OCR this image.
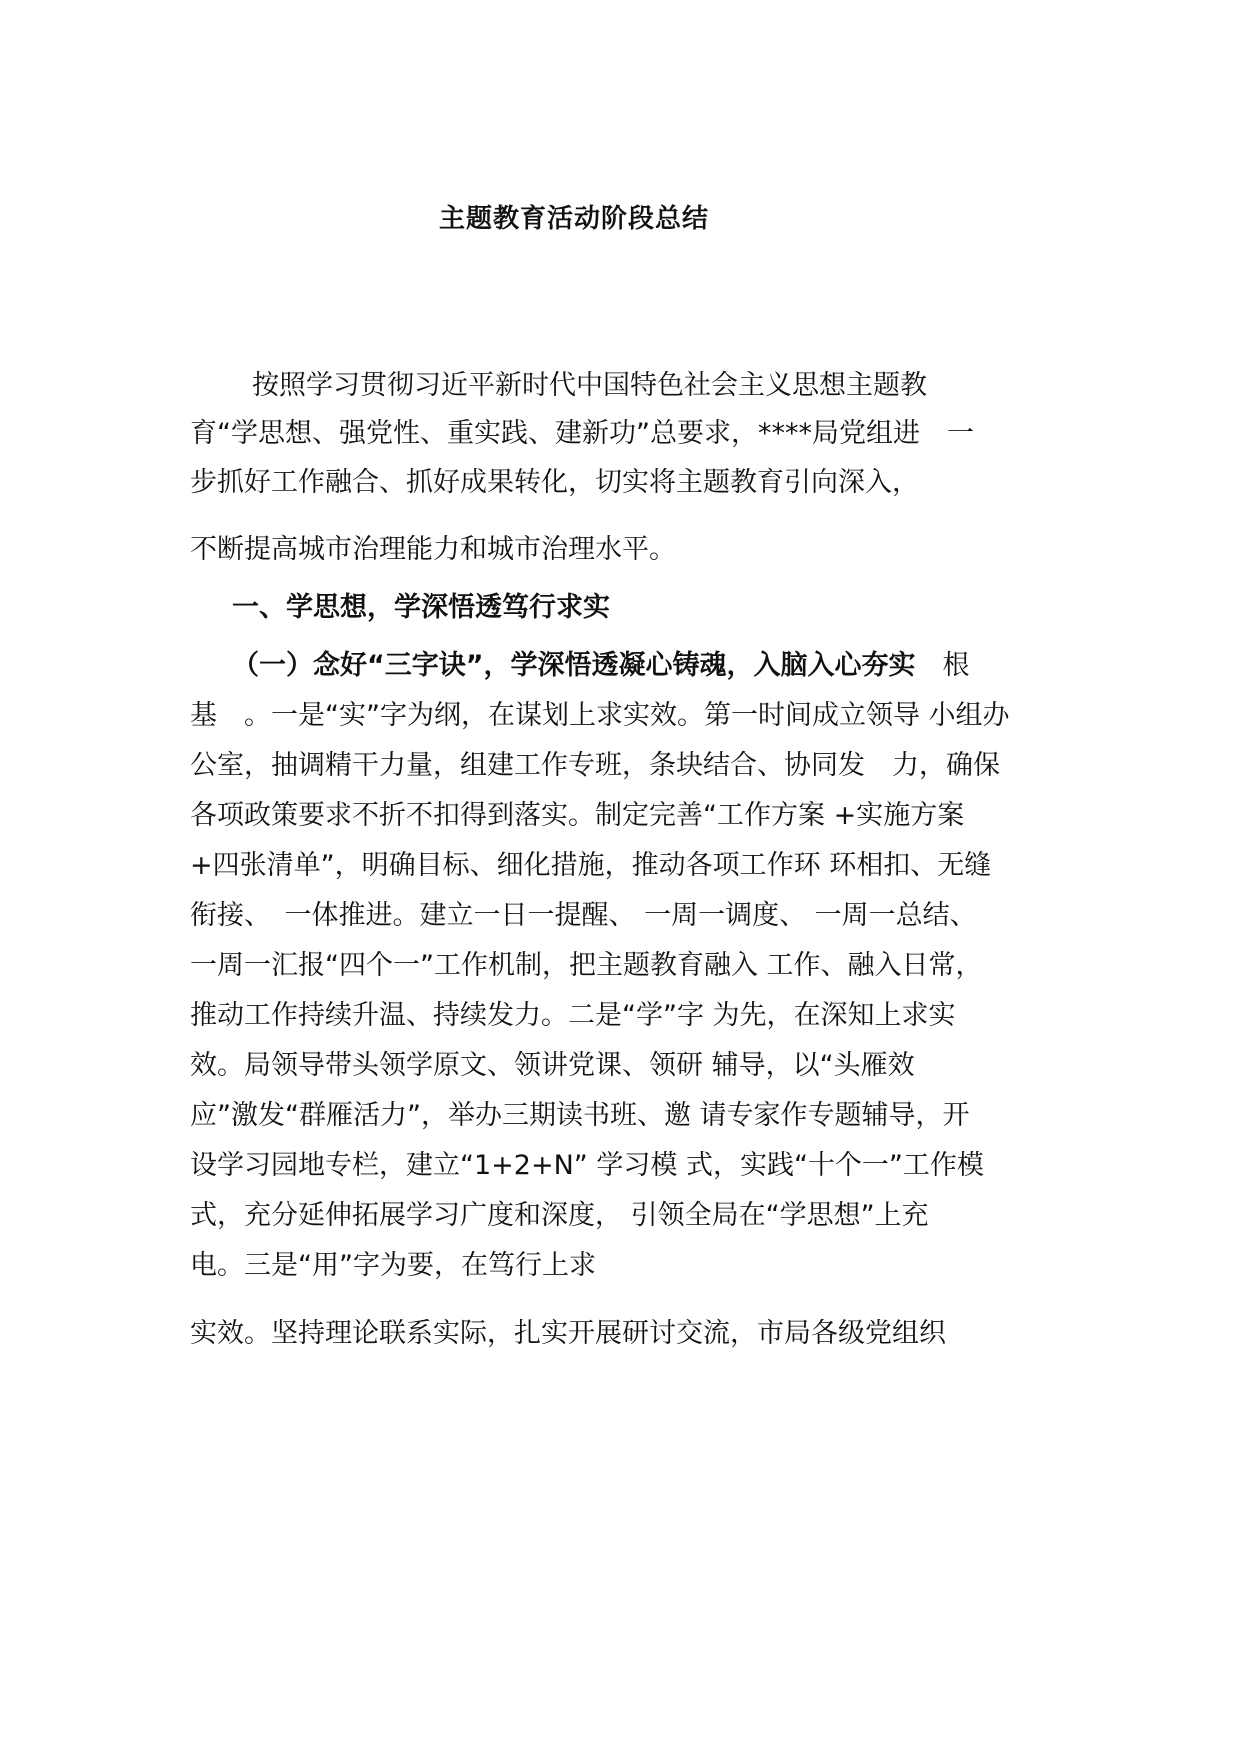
主题教育活动阶段总结

按照学习贯彻习近平新时代中国特色社会主义思想主题教

育“学思想、强党性、重实践、建新功”总要求，****局党组进　一

步抓好工作融合、抓好成果转化，切实将主题教育引向深入，

不断提高城市治理能力和城市治理水平。

一、学思想，学深悟透笃行求实

（一）念好“三字诀”，学深悟透凝心铸魂，入脑入心夯实　根

基　。一是“实”字为纲，在谋划上求实效。第一时间成立领导 小组办

公室，抽调精干力量，组建工作专班，条块结合、协同发　力，确保

各项政策要求不折不扣得到落实。制定完善“工作方案 +实施方案

+四张清单”，明确目标、细化措施，推动各项工作环 环相扣、无缝

衔接、　一体推进。建立一日一提醒、 一周一调度、 一周一总结、

一周一汇报“四个一”工作机制，把主题教育融入 工作、融入日常，

推动工作持续升温、持续发力。二是“学”字 为先，在深知上求实

效。局领导带头领学原文、领讲党课、领研 辅导，以“头雁效

应”激发“群雁活力”，举办三期读书班、邀 请专家作专题辅导，开

设学习园地专栏，建立“1+2+N” 学习模 式，实践“十个一”工作模

式，充分延伸拓展学习广度和深度， 引领全局在“学思想”上充

电。三是“用”字为要，在笃行上求

实效。坚持理论联系实际，扎实开展研讨交流，市局各级党组织
